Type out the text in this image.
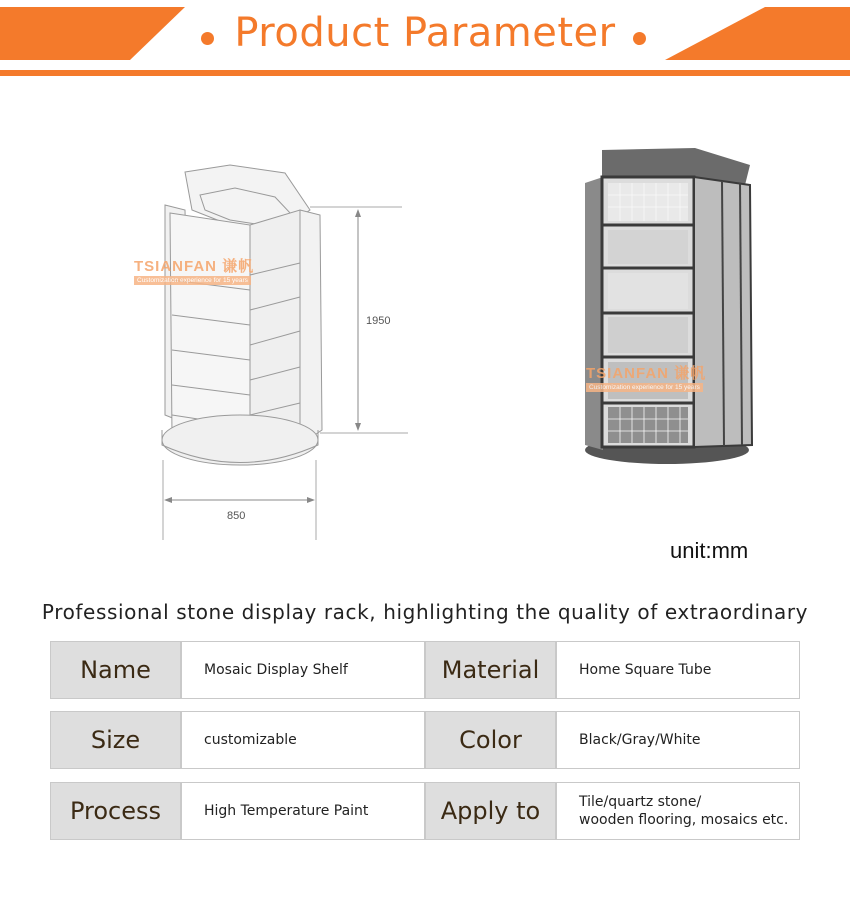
Product Parameter
1950
850
TSIANFAN 谦帆
Customization experience for 15 years
TSIANFAN 谦帆
Customization experience for 15 years
unit:mm
Professional stone display rack, highlighting the quality of extraordinary
Name	Mosaic Display Shelf	Material	Home Square Tube
Size	customizable	Color	Black/Gray/White
Process	High Temperature Paint	Apply to	Tile/quartz stone/
wooden flooring, mosaics etc.
